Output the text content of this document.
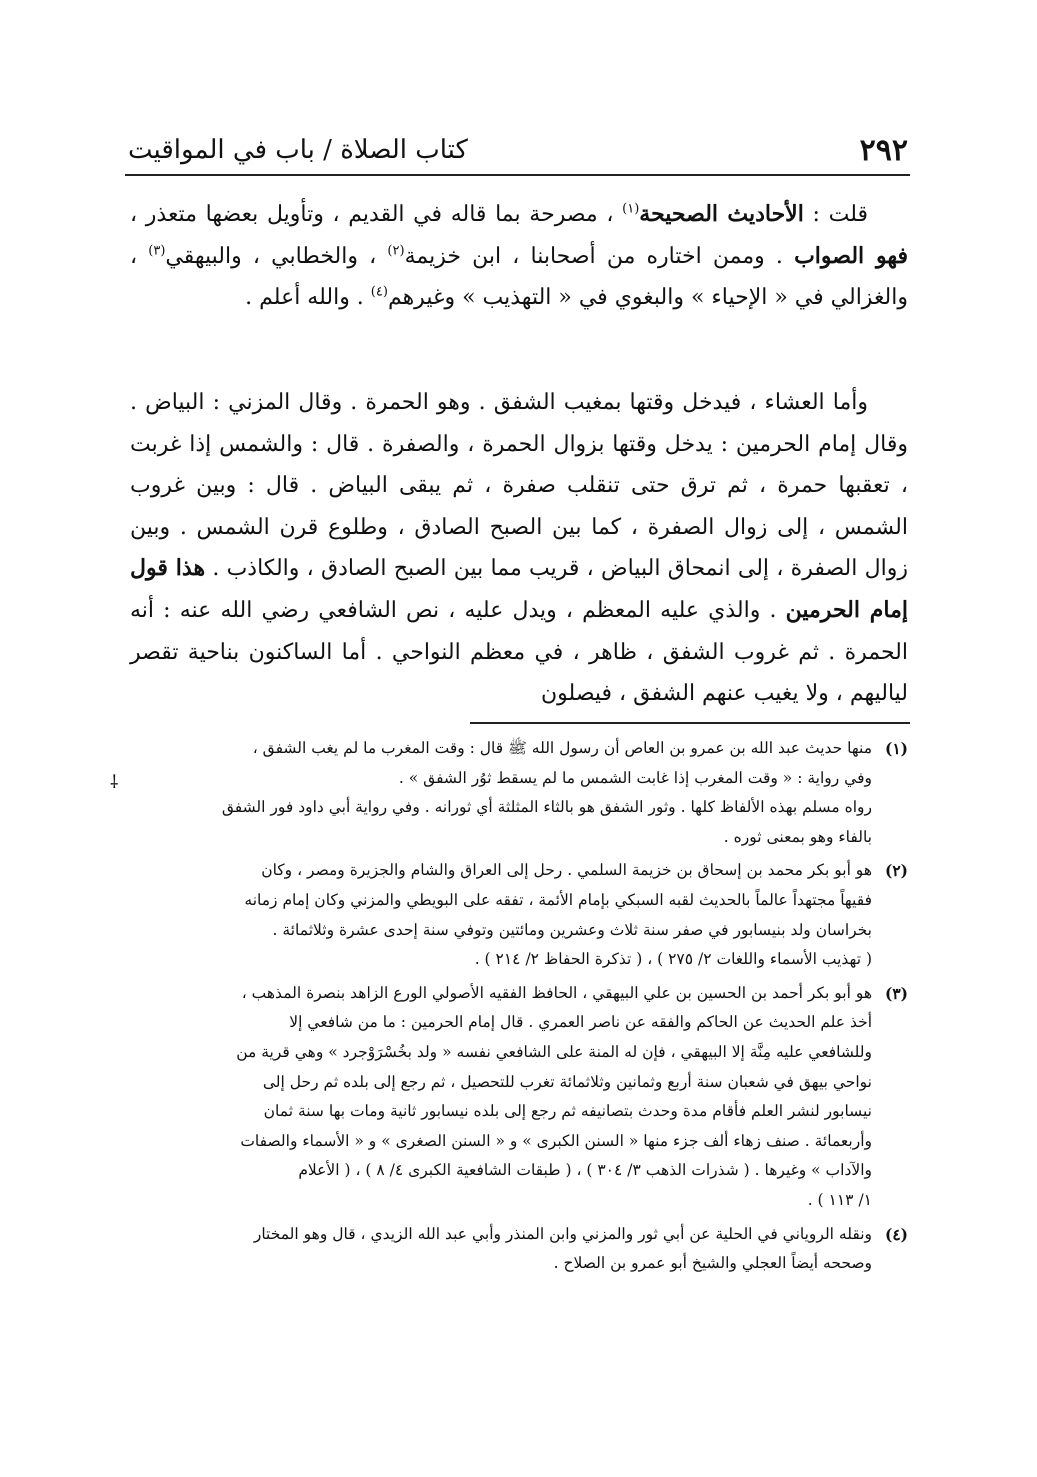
٢٩٢
كتاب الصلاة / باب في المواقيت

قلت : الأحاديث الصحيحة$^{(١)}$ ، مصرحة بما قاله في القديم ، وتأويل بعضها متعذر ، فهو الصواب . وممن اختاره من أصحابنا ، ابن خزيمة$^{(٢)}$ ، والخطابي ، والبيهقي$^{(٣)}$ ، والغزالي في « الإحياء » والبغوي في « التهذيب » وغيرهم$^{(٤)}$ . والله أعلم .

وأما العشاء ، فيدخل وقتها بمغيب الشفق . وهو الحمرة . وقال المزني : البياض . وقال إمام الحرمين : يدخل وقتها بزوال الحمرة ، والصفرة . قال : والشمس إذا غربت ، تعقبها حمرة ، ثم ترق حتى تنقلب صفرة ، ثم يبقى البياض . قال : وبين غروب الشمس ، إلى زوال الصفرة ، كما بين الصبح الصادق ، وطلوع قرن الشمس . وبين زوال الصفرة ، إلى انمحاق البياض ، قريب مما بين الصبح الصادق ، والكاذب . هذا قول إمام الحرمين . والذي عليه المعظم ، ويدل عليه ، نص الشافعي رضي الله عنه : أنه الحمرة . ثم غروب الشفق ، ظاهر ، في معظم النواحي . أما الساكنون بناحية تقصر لياليهم ، ولا يغيب عنهم الشفق ، فيصلون

⸸
(١)
منها حديث عبد الله بن عمرو بن العاص أن رسول الله ﷺ قال : وقت المغرب ما لم يغب الشفق ،
وفي رواية : « وقت المغرب إذا غابت الشمس ما لم يسقط ثوُر الشفق » .
رواه مسلم بهذه الألفاظ كلها . وثور الشفق هو بالثاء المثلثة أي ثورانه . وفي رواية أبي داود فور الشفق
بالفاء وهو بمعنى ثوره .
(٢)
هو أبو بكر محمد بن إسحاق بن خزيمة السلمي . رحل إلى العراق والشام والجزيرة ومصر ، وكان
فقيهاً مجتهداً عالماً بالحديث لقبه السبكي بإمام الأئمة ، تفقه على البويطي والمزني وكان إمام زمانه
بخراسان ولد بنيسابور في صفر سنة ثلاث وعشرين ومائتين وتوفي سنة إحدى عشرة وثلاثمائة .
( تهذيب الأسماء واللغات ٢/ ٢٧٥ ) ، ( تذكرة الحفاظ ٢/ ٢١٤ ) .
(٣)
هو أبو بكر أحمد بن الحسين بن علي البيهقي ، الحافظ الفقيه الأصولي الورع الزاهد بنصرة المذهب ،
أخذ علم الحديث عن الحاكم والفقه عن ناصر العمري . قال إمام الحرمين : ما من شافعي إلا
وللشافعي عليه مِنَّة إلا البيهقي ، فإن له المنة على الشافعي نفسه « ولد بخُسْرَوْجرد » وهي قرية من
نواحي بيهق في شعبان سنة أربع وثمانين وثلاثمائة تغرب للتحصيل ، ثم رجع إلى بلده ثم رحل إلى
نيسابور لنشر العلم فأقام مدة وحدث بتصانيفه ثم رجع إلى بلده نيسابور ثانية ومات بها سنة ثمان
وأربعمائة . صنف زهاء ألف جزء منها « السنن الكبرى » و « السنن الصغرى » و « الأسماء والصفات
والآداب » وغيرها . ( شذرات الذهب ٣/ ٣٠٤ ) ، ( طبقات الشافعية الكبرى ٤/ ٨ ) ، ( الأعلام
١/ ١١٣ ) .
(٤)
ونقله الروياني في الحلية عن أبي ثور والمزني وابن المنذر وأبي عبد الله الزيدي ، قال وهو المختار
وصححه أيضاً العجلي والشيخ أبو عمرو بن الصلاح .
